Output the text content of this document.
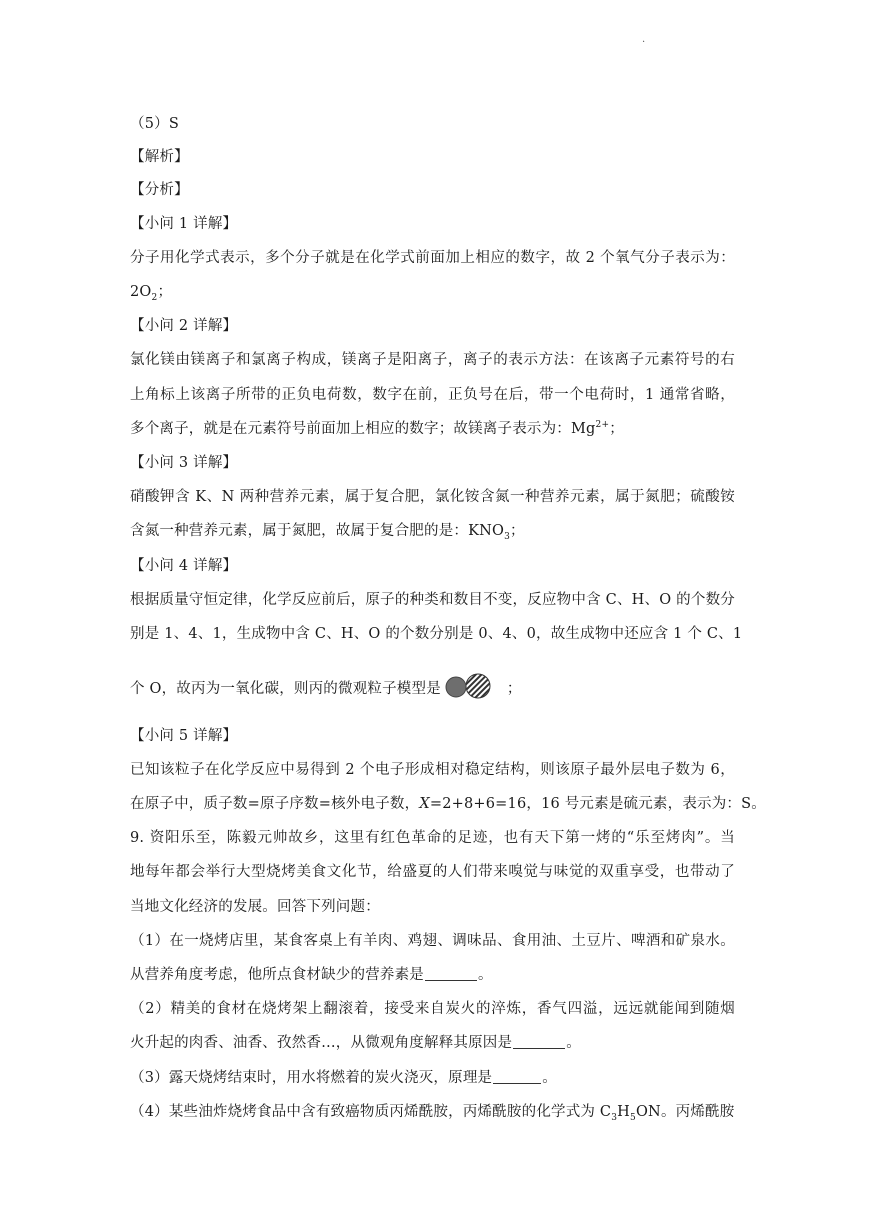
.
（5）S
【解析】
【分析】
【小问 1 详解】
分子用化学式表示，多个分子就是在化学式前面加上相应的数字，故 2 个氧气分子表示为：
$2O_2$；
【小问 2 详解】
氯化镁由镁离子和氯离子构成，镁离子是阳离子，离子的表示方法：在该离子元素符号的右
上角标上该离子所带的正负电荷数，数字在前，正负号在后，带一个电荷时，1 通常省略，
多个离子，就是在元素符号前面加上相应的数字；故镁离子表示为：$Mg^{2+}$；
【小问 3 详解】
硝酸钾含 K、N 两种营养元素，属于复合肥，氯化铵含氮一种营养元素，属于氮肥；硫酸铵
含氮一种营养元素，属于氮肥，故属于复合肥的是：$KNO_3$；
【小问 4 详解】
根据质量守恒定律，化学反应前后，原子的种类和数目不变，反应物中含 C、H、O 的个数分
别是 1、4、1，生成物中含 C、H、O 的个数分别是 0、4、0，故生成物中还应含 1 个 C、1
个 O，故丙为一氧化碳，则丙的微观粒子模型是	；
【小问 5 详解】
已知该粒子在化学反应中易得到 2 个电子形成相对稳定结构，则该原子最外层电子数为 6，
在原子中，质子数=原子序数=核外电子数，X=2+8+6=16，16 号元素是硫元素，表示为：S。
9. 资阳乐至，陈毅元帅故乡，这里有红色革命的足迹，也有天下第一烤的“乐至烤肉”。当
地每年都会举行大型烧烤美食文化节，给盛夏的人们带来嗅觉与味觉的双重享受，也带动了
当地文化经济的发展。回答下列问题：
（1）在一烧烤店里，某食客桌上有羊肉、鸡翅、调味品、食用油、土豆片、啤酒和矿泉水。
从营养角度考虑，他所点食材缺少的营养素是	。
（2）精美的食材在烧烤架上翻滚着，接受来自炭火的淬炼，香气四溢，远远就能闻到随烟
火升起的肉香、油香、孜然香…，从微观角度解释其原因是	。
（3）露天烧烤结束时，用水将燃着的炭火浇灭，原理是	。
（4）某些油炸烧烤食品中含有致癌物质丙烯酰胺，丙烯酰胺的化学式为 $C_3H_5ON$。丙烯酰胺
